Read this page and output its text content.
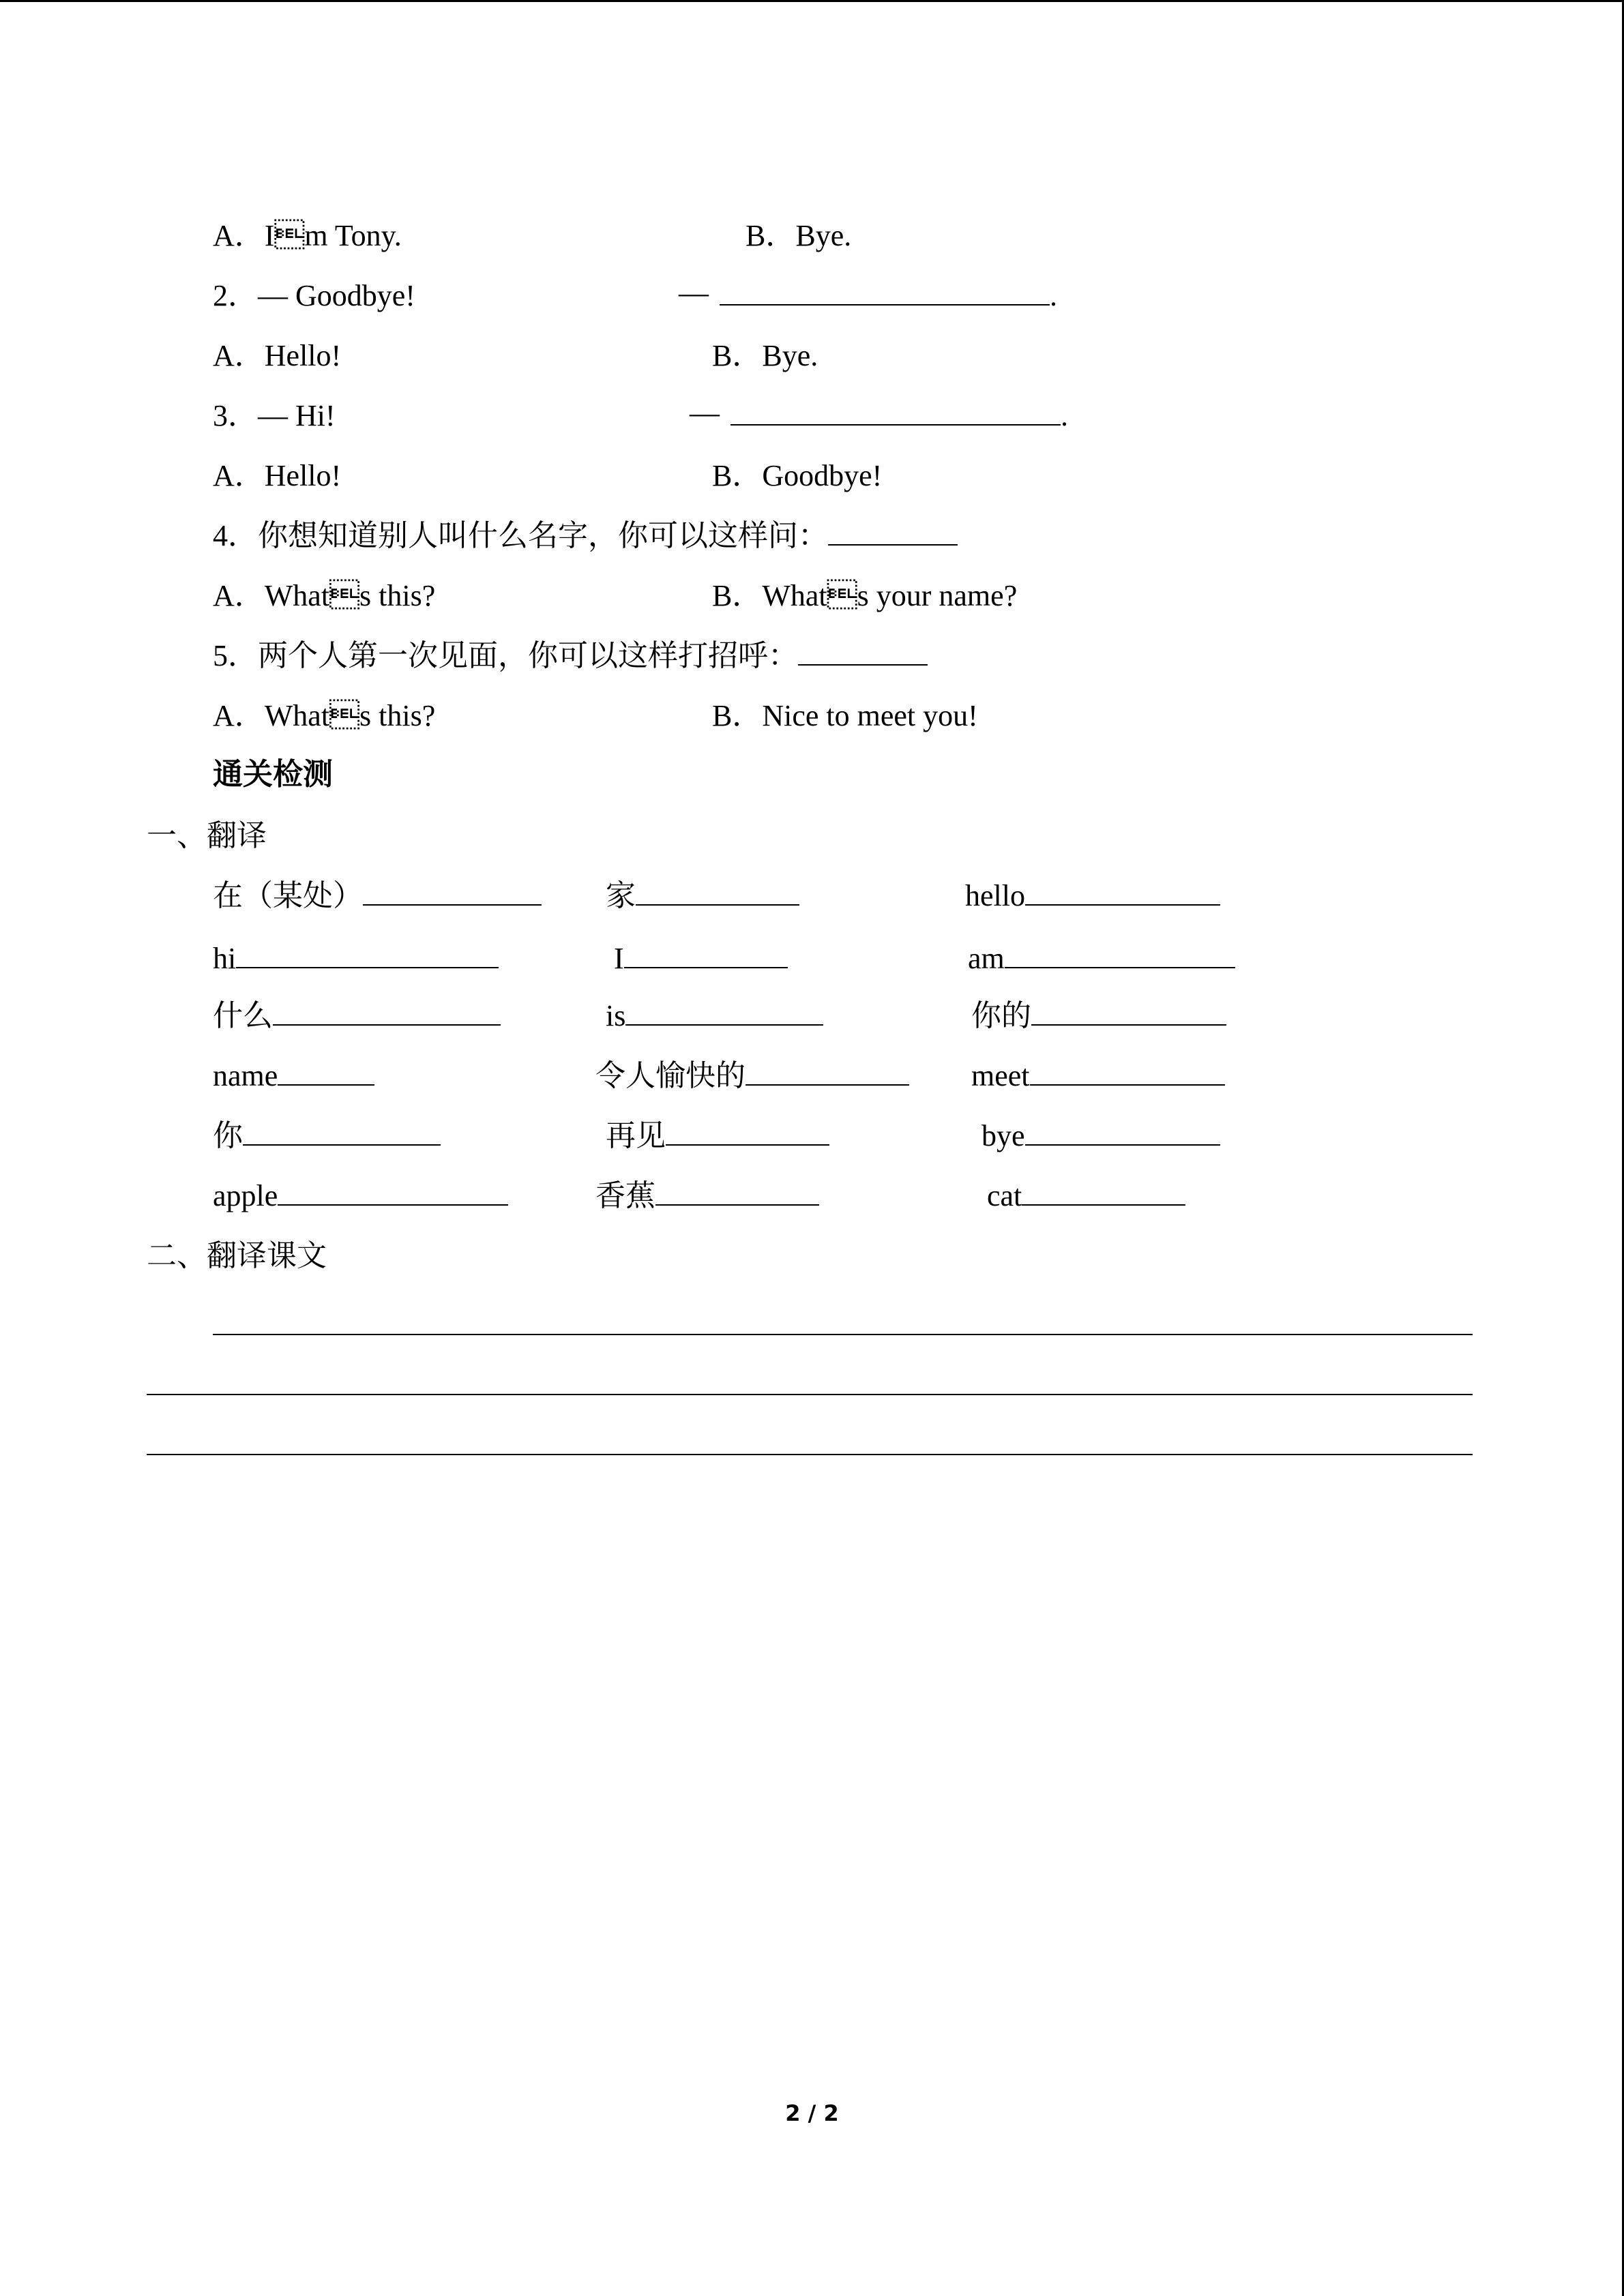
A．Im Tony.	B．Bye.
2．— Goodbye!	—	.
A．Hello!	B．Bye.
3．— Hi!	—	.
A．Hello!	B．Goodbye!
4．你想知道别人叫什么名字，你可以这样问：
A．Whats this?	B．Whats your name?
5．两个人第一次见面，你可以这样打招呼：
A．Whats this?	B．Nice to meet you!
通关检测
一、翻译
在（某处）	家	hello
hi	I	am
什么	is	你的
name	令人愉快的	meet
你	再见	bye
apple	香蕉	cat
二、翻译课文
2 / 2
